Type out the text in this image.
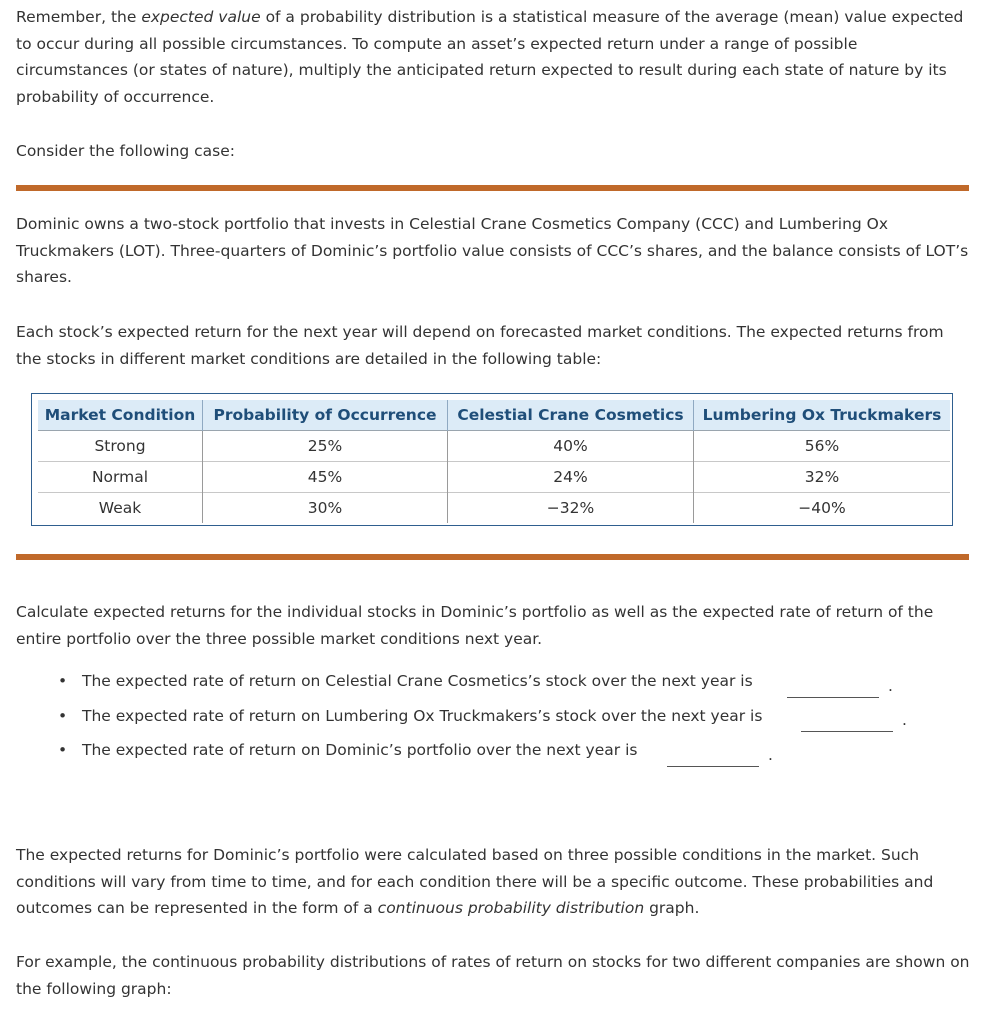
Remember, the expected value of a probability distribution is a statistical measure of the average (mean) value expected to occur during all possible circumstances. To compute an asset’s expected return under a range of possible circumstances (or states of nature), multiply the anticipated return expected to result during each state of nature by its probability of occurrence.

Consider the following case:

Dominic owns a two-stock portfolio that invests in Celestial Crane Cosmetics Company (CCC) and Lumbering Ox Truckmakers (LOT). Three-quarters of Dominic’s portfolio value consists of CCC’s shares, and the balance consists of LOT’s shares.

Each stock’s expected return for the next year will depend on forecasted market conditions. The expected returns from the stocks in different market conditions are detailed in the following table:

Market Condition	Probability of Occurrence	Celestial Crane Cosmetics	Lumbering Ox Truckmakers
Strong	25%	40%	56%
Normal	45%	24%	32%
Weak	30%	−32%	−40%

Calculate expected returns for the individual stocks in Dominic’s portfolio as well as the expected rate of return of the entire portfolio over the three possible market conditions next year.

• The expected rate of return on Celestial Crane Cosmetics’s stock over the next year is
• The expected rate of return on Lumbering Ox Truckmakers’s stock over the next year is
• The expected rate of return on Dominic’s portfolio over the next year is
.
.
.

The expected returns for Dominic’s portfolio were calculated based on three possible conditions in the market. Such conditions will vary from time to time, and for each condition there will be a specific outcome. These probabilities and outcomes can be represented in the form of a continuous probability distribution graph.

For example, the continuous probability distributions of rates of return on stocks for two different companies are shown on the following graph:
